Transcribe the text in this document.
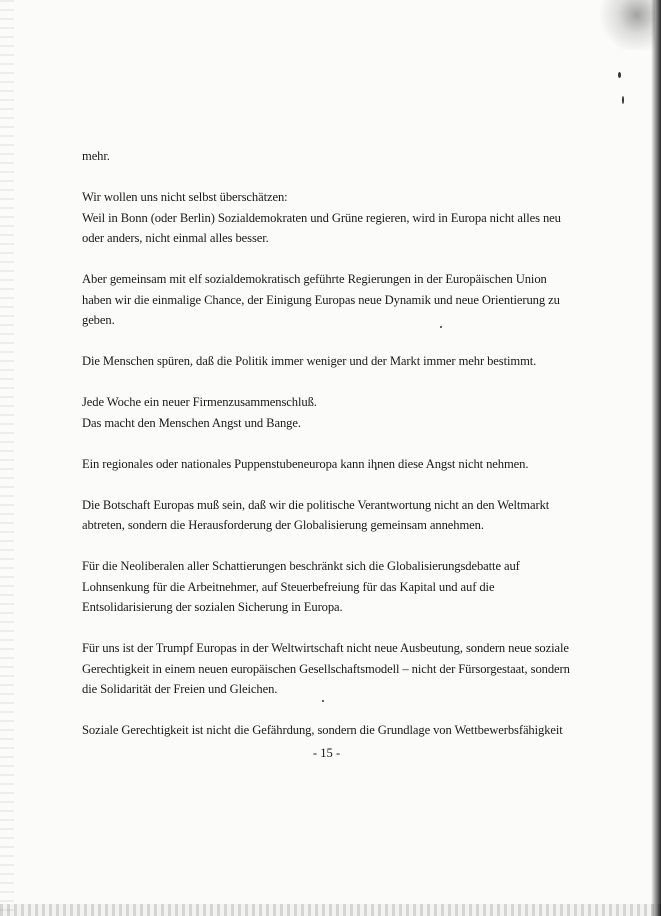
mehr.

Wir wollen uns nicht selbst überschätzen:
Weil in Bonn (oder Berlin) Sozialdemokraten und Grüne regieren, wird in Europa nicht alles neu
oder anders, nicht einmal alles besser.

Aber gemeinsam mit elf sozialdemokratisch geführte Regierungen in der Europäischen Union
haben wir die einmalige Chance, der Einigung Europas neue Dynamik und neue Orientierung zu
geben.

Die Menschen spüren, daß die Politik immer weniger und der Markt immer mehr bestimmt.

Jede Woche ein neuer Firmenzusammenschluß.
Das macht den Menschen Angst und Bange.

Ein regionales oder nationales Puppenstubeneuropa kann ihnen diese Angst nicht nehmen.

Die Botschaft Europas muß sein, daß wir die politische Verantwortung nicht an den Weltmarkt
abtreten, sondern die Herausforderung der Globalisierung gemeinsam annehmen.

Für die Neoliberalen aller Schattierungen beschränkt sich die Globalisierungsdebatte auf
Lohnsenkung für die Arbeitnehmer, auf Steuerbefreiung für das Kapital und auf die
Entsolidarisierung der sozialen Sicherung in Europa.

Für uns ist der Trumpf Europas in der Weltwirtschaft nicht neue Ausbeutung, sondern neue soziale
Gerechtigkeit in einem neuen europäischen Gesellschaftsmodell – nicht der Fürsorgestaat, sondern
die Solidarität der Freien und Gleichen.

Soziale Gerechtigkeit ist nicht die Gefährdung, sondern die Grundlage von Wettbewerbsfähigkeit

- 15 -
